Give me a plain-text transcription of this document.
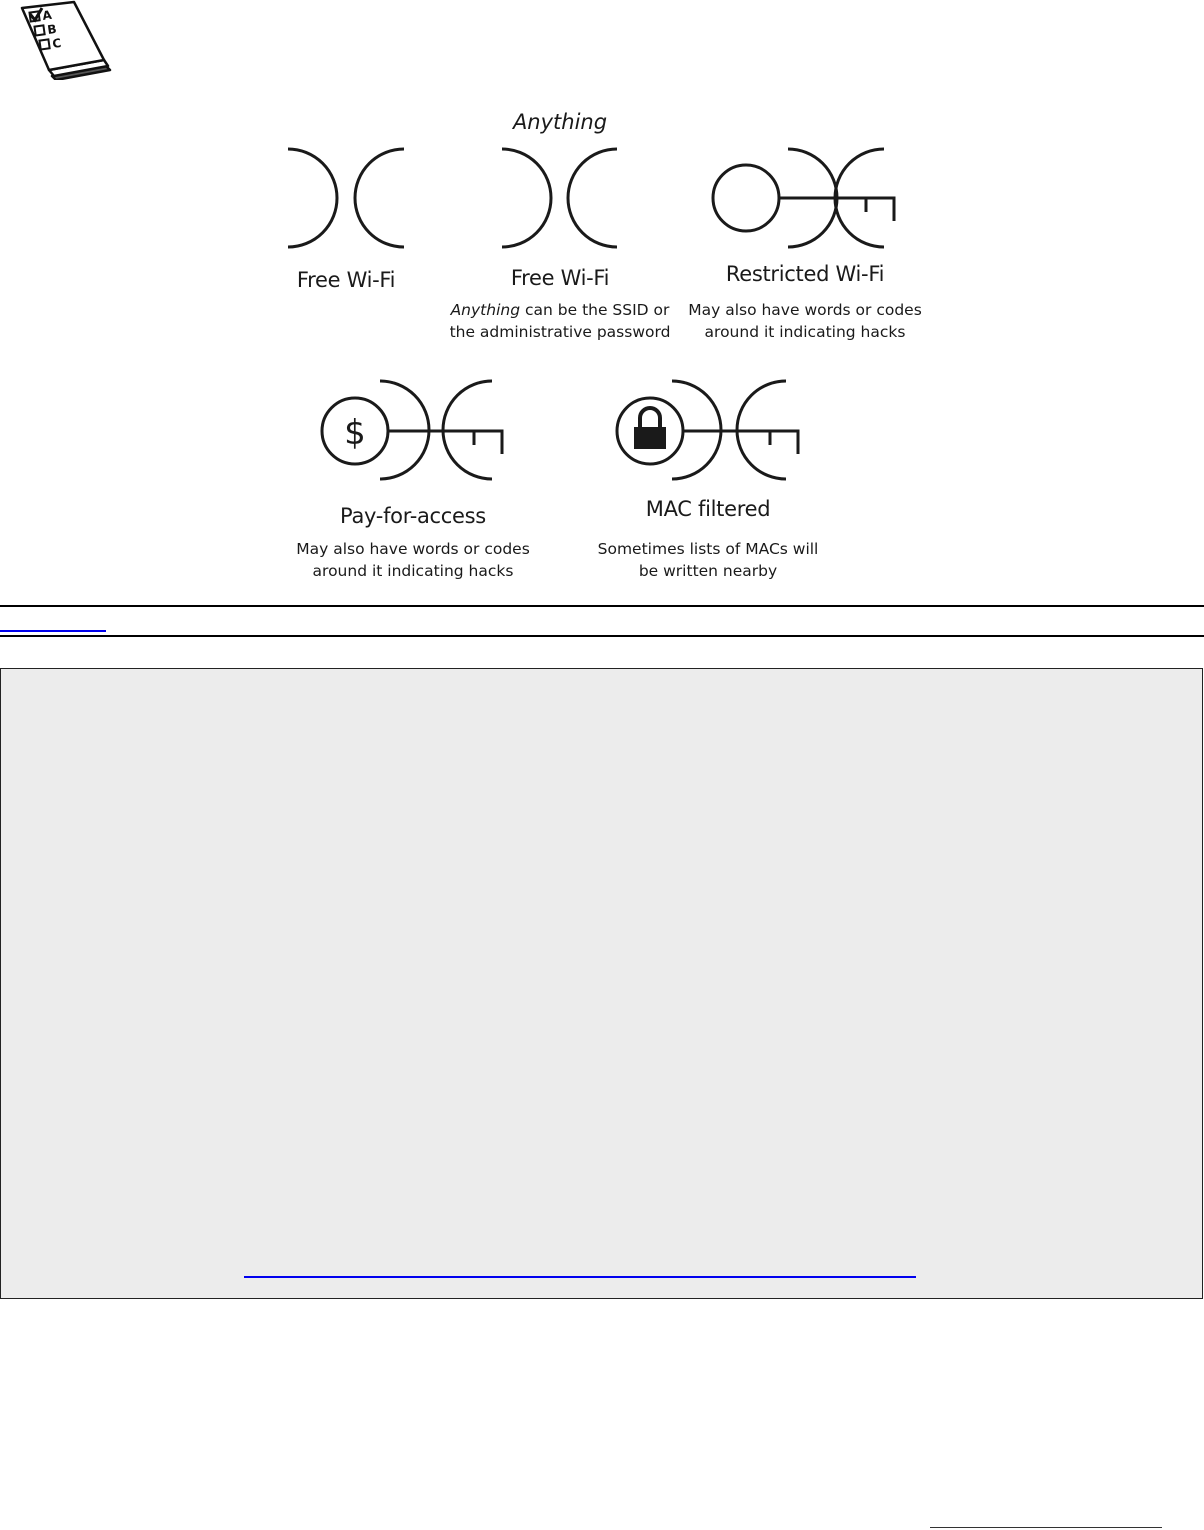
A
B
C
$
Anything
Free Wi-Fi	Free Wi-Fi	Restricted Wi-Fi
Pay-for-access	MAC filtered
Anything can be the SSID or
the administrative password
May also have words or codes
around it indicating hacks
May also have words or codes
around it indicating hacks
Sometimes lists of MACs will
be written nearby
